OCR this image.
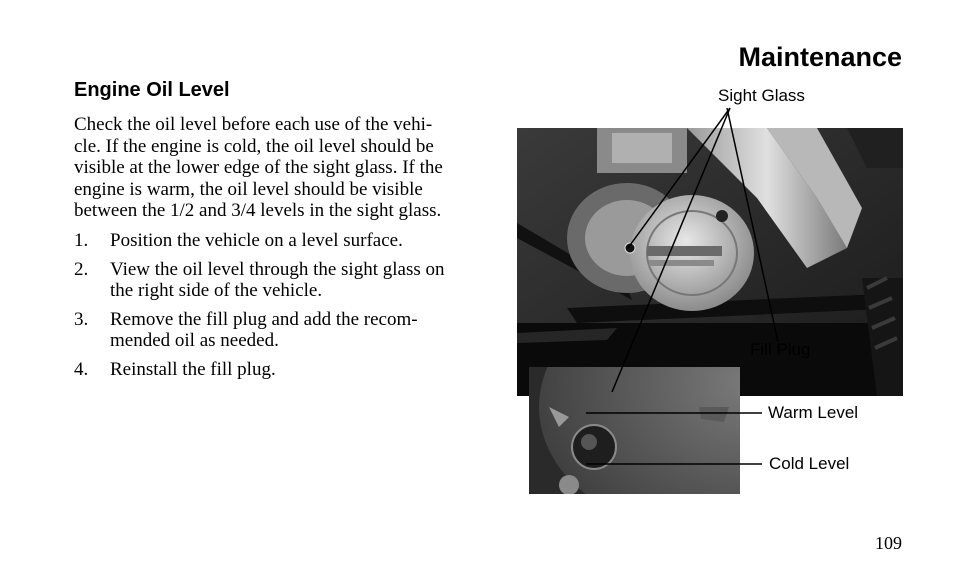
Maintenance
Engine Oil Level
Check the oil level before each use of the vehi-
cle. If the engine is cold, the oil level should be
visible at the lower edge of the sight glass. If the
engine is warm, the oil level should be visible
between the 1/2 and 3/4 levels in the sight glass.
1. Position the vehicle on a level surface.
2. View the oil level through the sight glass on
the right side of the vehicle.
3. Remove the fill plug and add the recom-
mended oil as needed.
4. Reinstall the fill plug.
Sight Glass
Fill Plug
Warm Level
Cold Level
109
